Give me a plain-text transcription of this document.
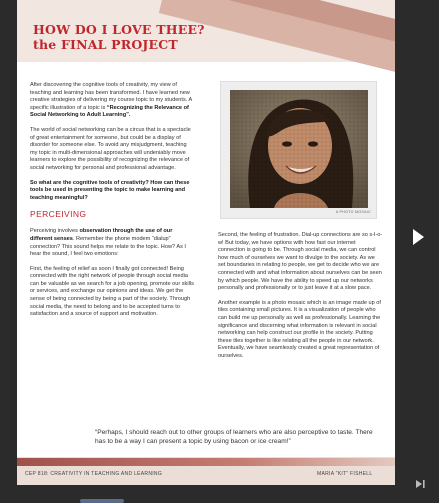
HOW DO I LOVE THEE?
the FINAL PROJECT

After discovering the cognitive tools of creativity, my view of teaching and learning has been transformed. I have learned new creative strategies of delivering my course topic to my students. A specific illustration of a topic is “Recognizing the Relevance of Social Networking to Adult Learning”.

The world of social networking can be a circus that is a spectacle of great entertainment for someone, but could be a display of disorder for someone else. To avoid any misjudgment, teaching my topic in multi-dimensional approaches will undeniably move learners to explore the possibility of recognizing the relevance of social networking for personal and professional advantage.

So what are the cognitive tools of creativity? How can these tools be used in presenting the topic to make learning and teaching meaningful?

PERCEIVING

Perceiving involves observation through the use of our different senses. Remember the phone modem “dialup” connection? This sound helps me relate to the topic. How? As I hear the sound, I feel two emotions:

First, the feeling of relief as soon I finally got connected! Being connected with the right network of people through social media can be valuable as we search for a job opening, promote our skills or services, and exchange our opinions and ideas. We get the sense of being connected by being a part of the society. Through social media, the need to belong and to be accepted turns to satisfaction and a source of support and motivation.

A PHOTO MOSAIC

Second, the feeling of frustration. Dial-up connections are so s-l-o-w! But today, we have options with how fast our internet connection is going to be. Through social media, we can control how much of ourselves we want to divulge to the society. As we set boundaries in relating to people, we get to decide who we are connected with and what information about ourselves can be seen by which people. We have the ability to speed up our networks personally and professionally or to just leave it at a slow pace.

Another example is a photo mosaic which is an image made up of tiles containing small pictures. It is a visualization of people who can build me up personally as well as professionally. Learning the significance and discerning what information is relevant in social networking can help construct our profile in the society. Putting these tiles together is like relating all the people in our network. Eventually, we have seamlessly created a great representation of ourselves.

“Perhaps, I should reach out to other groups of learners who are also perceptive to taste. There has to be a way I can present a topic by using bacon or ice cream!”
CEP 818: CREATIVITY IN TEACHING AND LEARNING	MARIA “KIT” FISHELL
